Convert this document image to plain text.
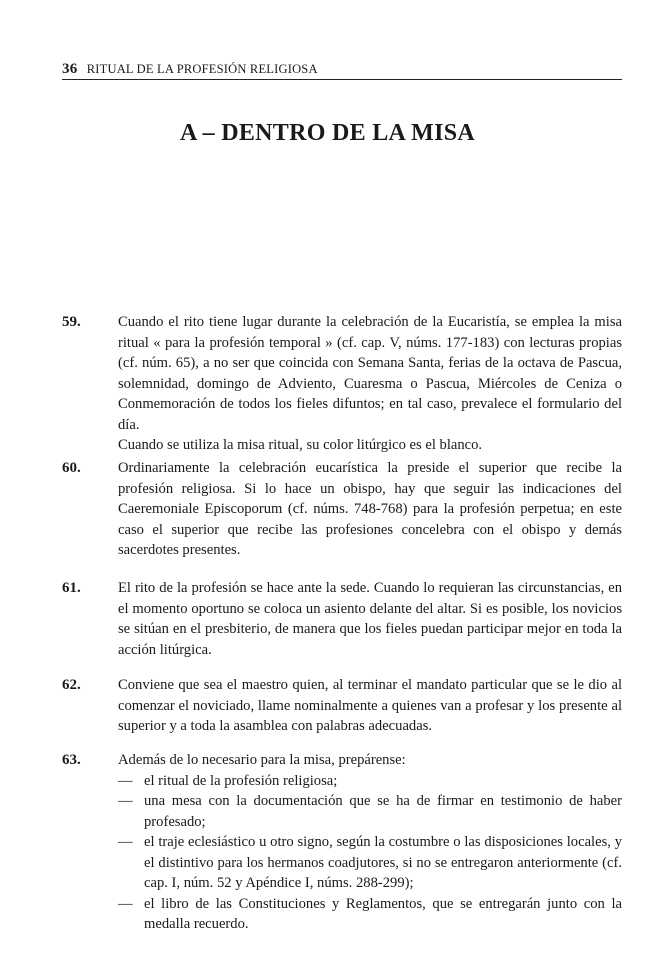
36 RITUAL DE LA PROFESIÓN RELIGIOSA
A – DENTRO DE LA MISA
59.	Cuando el rito tiene lugar durante la celebración de la Eucaristía, se emplea la misa ritual « para la profesión temporal » (cf. cap. V, núms. 177-183) con lecturas propias (cf. núm. 65), a no ser que coincida con Semana Santa, ferias de la octava de Pascua, solemnidad, domingo de Adviento, Cuaresma o Pascua, Miércoles de Ceniza o Conmemoración de todos los fieles difuntos; en tal caso, prevalece el formulario del día.
Cuando se utiliza la misa ritual, su color litúrgico es el blanco.
60.	Ordinariamente la celebración eucarística la preside el superior que recibe la profesión religiosa. Si lo hace un obispo, hay que seguir las indicaciones del Caeremoniale Episcoporum (cf. núms. 748-768) para la profesión perpetua; en este caso el superior que recibe las profesiones concelebra con el obispo y demás sacerdotes presentes.
61.	El rito de la profesión se hace ante la sede. Cuando lo requieran las circunstancias, en el momento oportuno se coloca un asiento delante del altar. Si es posible, los novicios se sitúan en el presbiterio, de manera que los fieles puedan participar mejor en toda la acción litúrgica.
62.	Conviene que sea el maestro quien, al terminar el mandato particular que se le dio al comenzar el noviciado, llame nominalmente a quienes van a profesar y los presente al superior y a toda la asamblea con palabras adecuadas.
63.	Además de lo necesario para la misa, prepárense:
— el ritual de la profesión religiosa;
— una mesa con la documentación que se ha de firmar en testimonio de haber profesado;
— el traje eclesiástico u otro signo, según la costumbre o las disposiciones locales, y el distintivo para los hermanos coadjutores, si no se entregaron anteriormente (cf. cap. I, núm. 52 y Apéndice I, núms. 288-299);
— el libro de las Constituciones y Reglamentos, que se entregarán junto con la medalla recuerdo.
